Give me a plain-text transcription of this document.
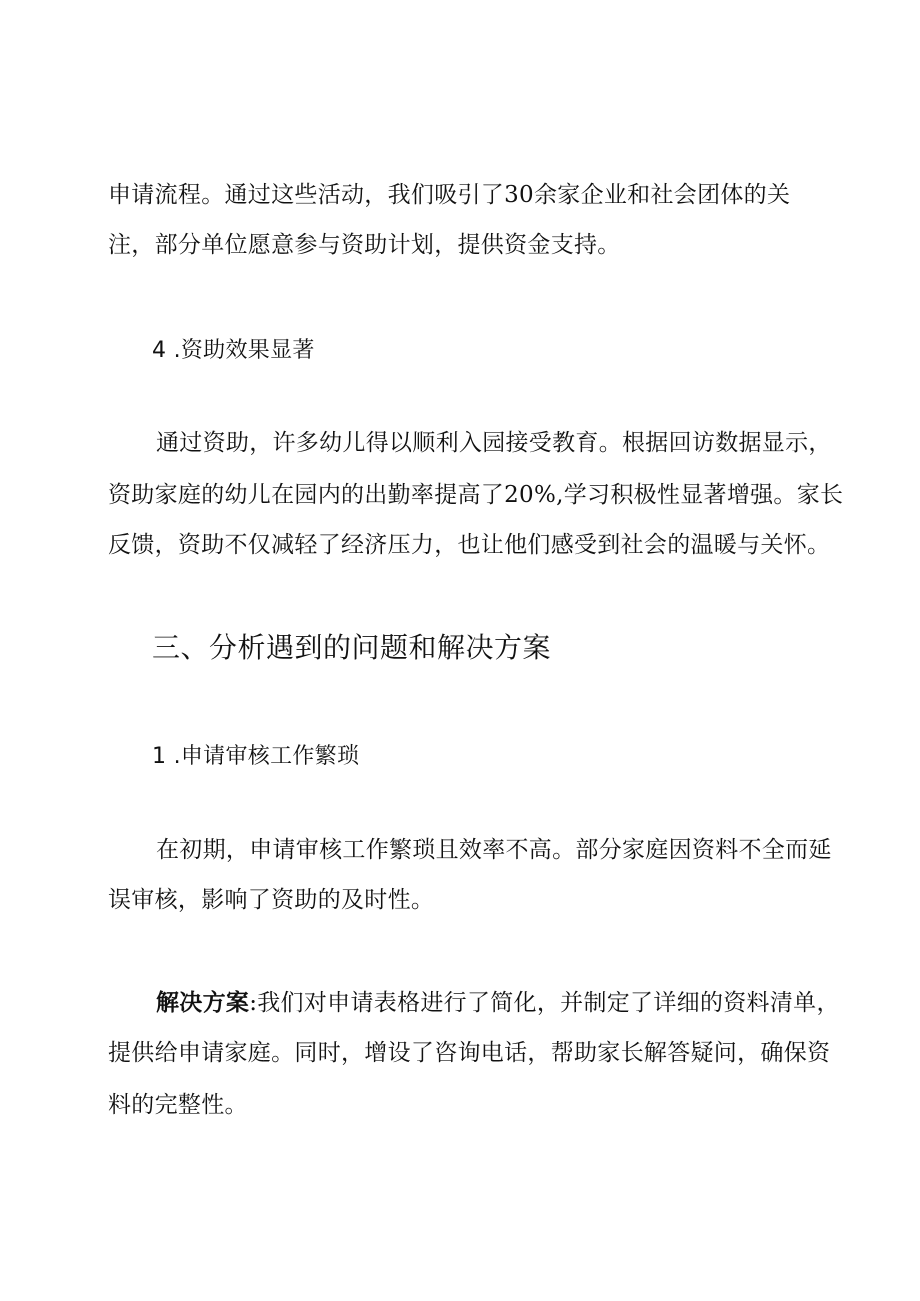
申请流程。通过这些活动，我们吸引了30余家企业和社会团体的关

注，部分单位愿意参与资助计划，提供资金支持。

4 .资助效果显著

通过资助，许多幼儿得以顺利入园接受教育。根据回访数据显示，

资助家庭的幼儿在园内的出勤率提高了20%,学习积极性显著增强。家长

反馈，资助不仅减轻了经济压力，也让他们感受到社会的温暖与关怀。

三、分析遇到的问题和解决方案
1 .申请审核工作繁琐

在初期，申请审核工作繁琐且效率不高。部分家庭因资料不全而延

误审核，影响了资助的及时性。

解决方案:我们对申请表格进行了简化，并制定了详细的资料清单，

提供给申请家庭。同时，增设了咨询电话，帮助家长解答疑问，确保资

料的完整性。
